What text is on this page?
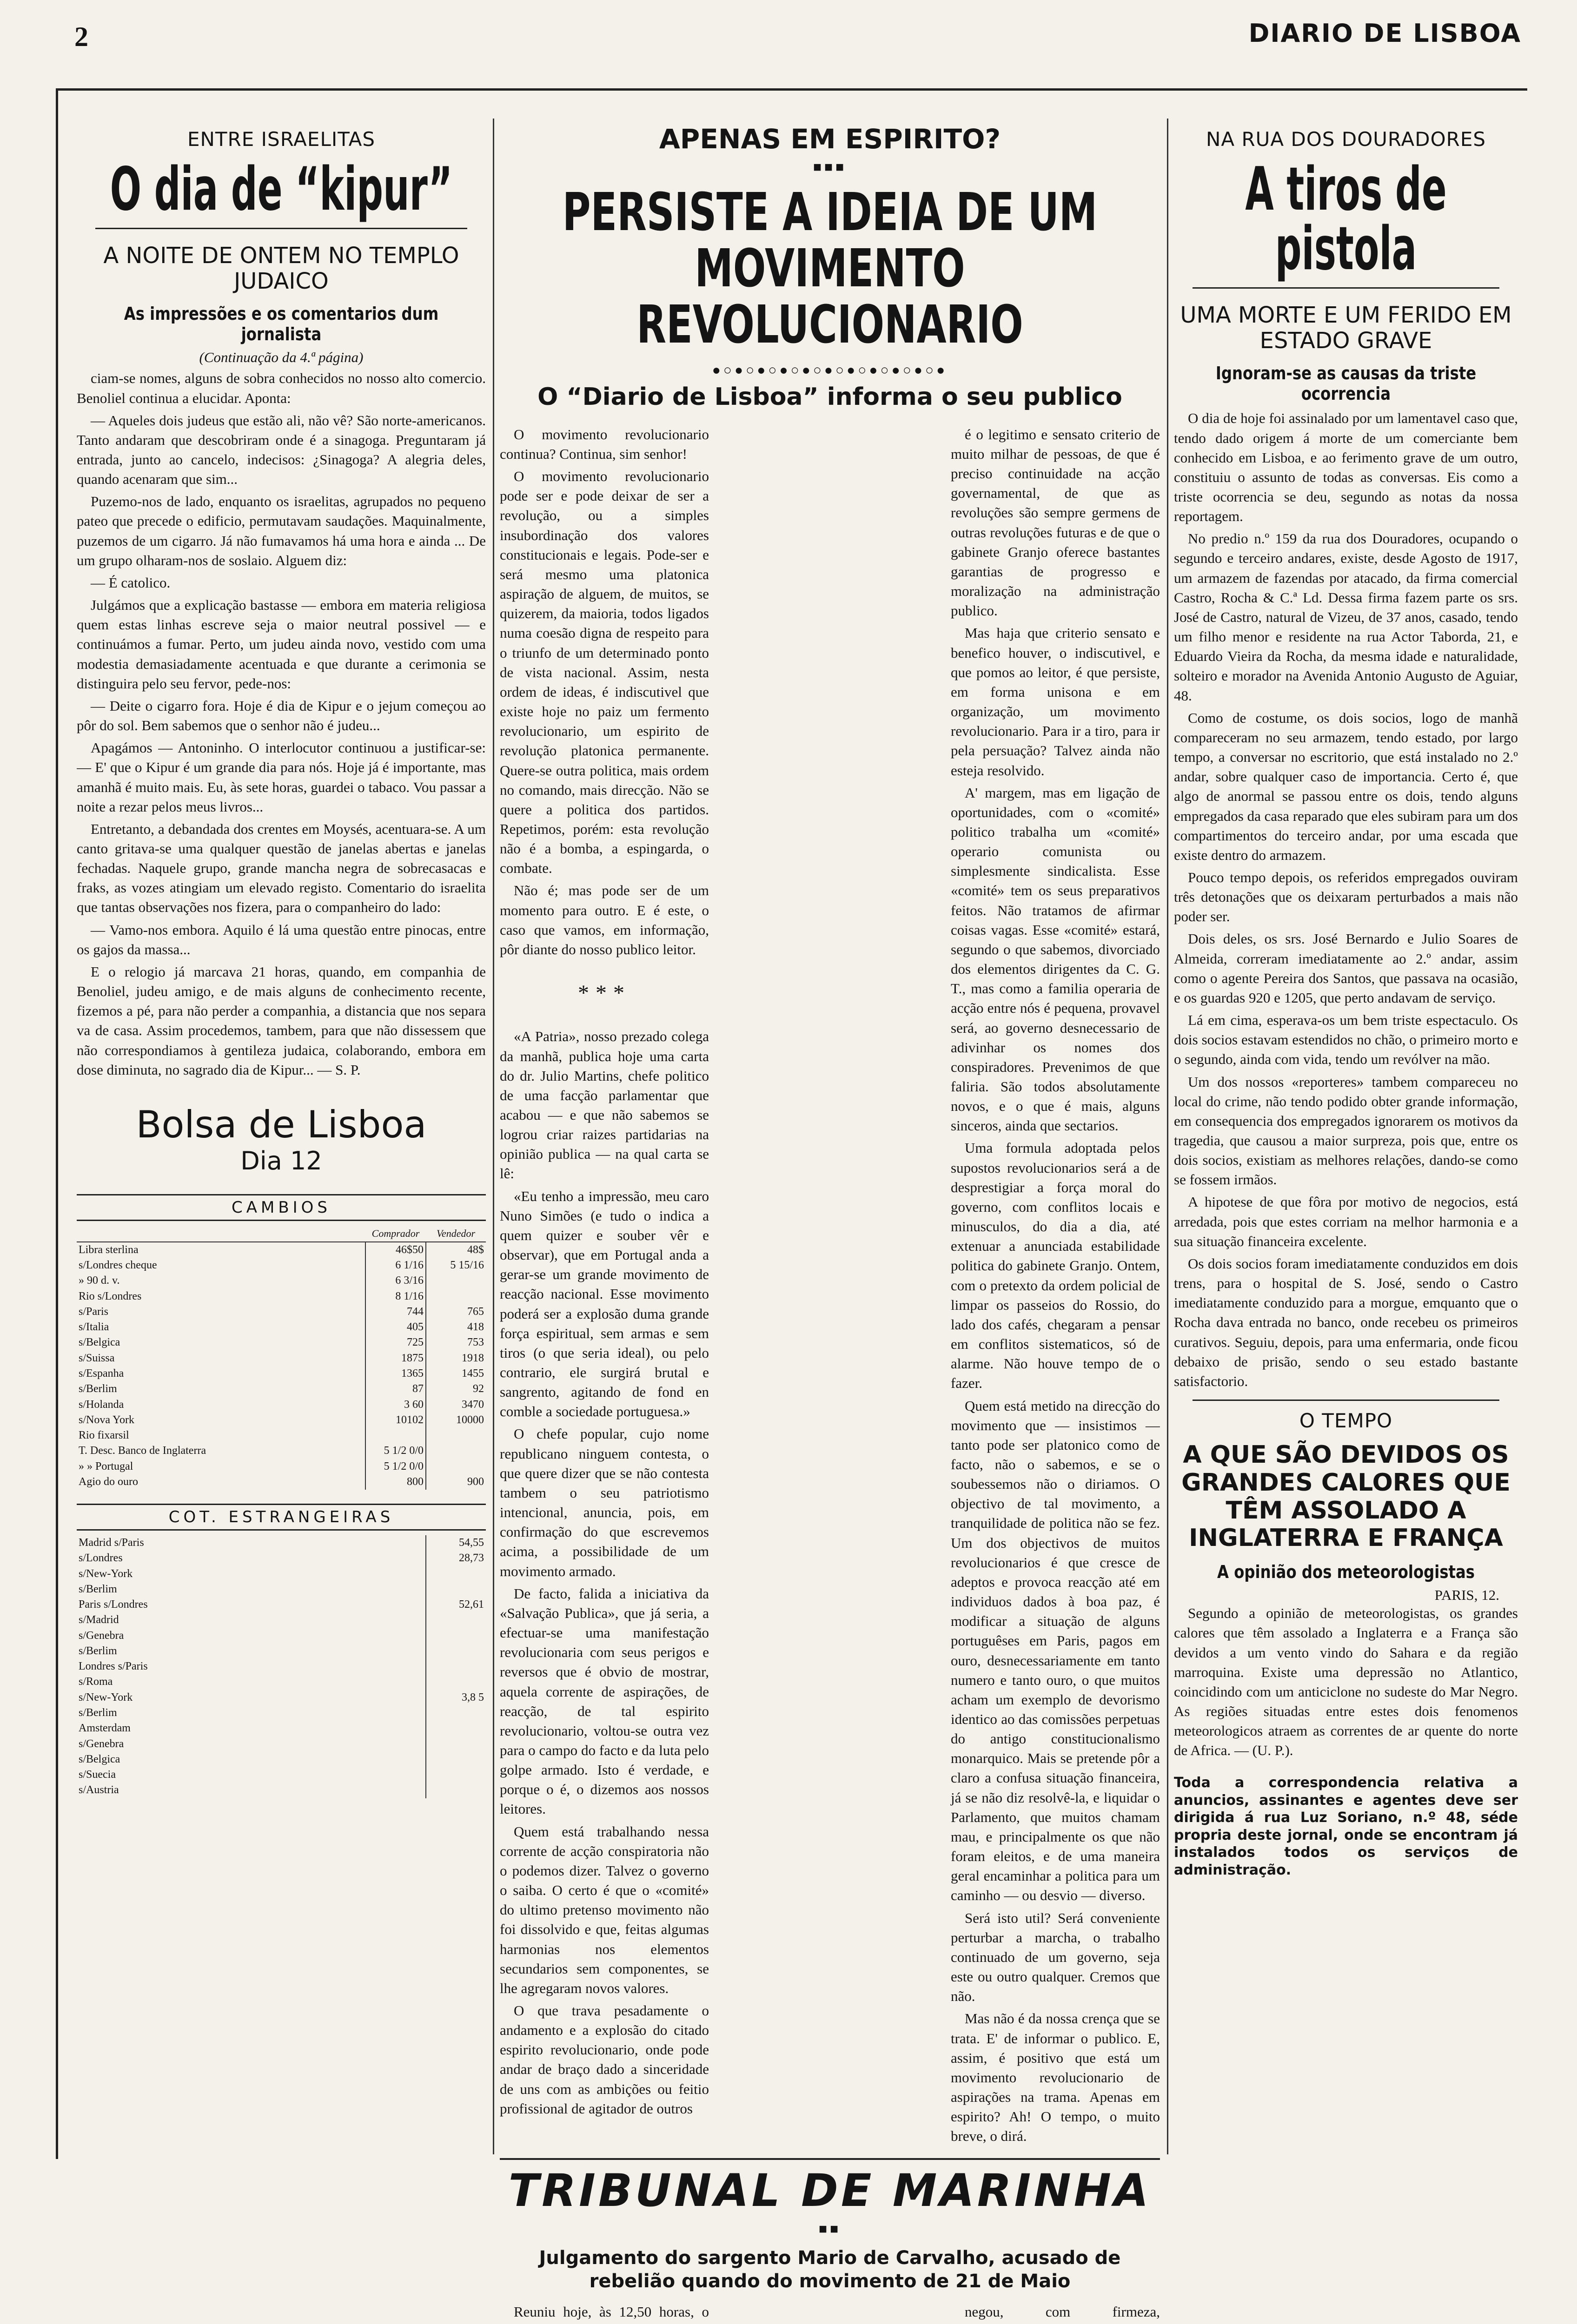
2	DIARIO DE LISBOA
ENTRE ISRAELITAS
O dia de “kipur”
A NOITE DE ONTEM NO TEMPLO JUDAICO
As impressões e os comentarios dum jornalista
(Continuação da 4.ª página)

ciam-se nomes, alguns de sobra conhecidos no nosso alto comercio. Benoliel continua a elucidar. Aponta:

— Aqueles dois judeus que estão ali, não vê? São norte-americanos. Tanto andaram que descobriram onde é a sinagoga. Preguntaram já entrada, junto ao cancelo, indecisos: ¿Sinagoga? A alegria deles, quando acenaram que sim...

Puzemo-nos de lado, enquanto os israelitas, agrupados no pequeno pateo que precede o edificio, permutavam saudações. Maquinalmente, puzemos de um cigarro. Já não fumavamos há uma hora e ainda ... De um grupo olharam-nos de soslaio. Alguem diz:

— É catolico.

Julgámos que a explicação bastasse — embora em materia religiosa quem estas linhas escreve seja o maior neutral possivel — e continuámos a fumar. Perto, um judeu ainda novo, vestido com uma modestia demasiadamente acentuada e que durante a cerimonia se distinguira pelo seu fervor, pede-nos:

— Deite o cigarro fora. Hoje é dia de Kipur e o jejum começou ao pôr do sol. Bem sabemos que o senhor não é judeu...

Apagámos — Antoninho. O interlocutor continuou a justificar-se: — E' que o Kipur é um grande dia para nós. Hoje já é importante, mas amanhã é muito mais. Eu, às sete horas, guardei o tabaco. Vou passar a noite a rezar pelos meus livros...

Entretanto, a debandada dos crentes em Moysés, acentuara-se. A um canto gritava-se uma qualquer questão de janelas abertas e janelas fechadas. Naquele grupo, grande mancha negra de sobrecasacas e fraks, as vozes atingiam um elevado registo. Comentario do israelita que tantas observações nos fizera, para o companheiro do lado:

— Vamo-nos embora. Aquilo é lá uma questão entre pinocas, entre os gajos da massa...

E o relogio já marcava 21 horas, quando, em companhia de Benoliel, judeu amigo, e de mais alguns de conhecimento recente, fizemos a pé, para não perder a companhia, a distancia que nos separa va de casa. Assim procedemos, tambem, para que não dissessem que não correspondiamos à gentileza judaica, colaborando, embora em dose diminuta, no sagrado dia de Kipur... — S. P.

Bolsa de Lisboa
Dia 12
CAMBIOS
	Comprador	Vendedor
Libra sterlina	46$50	48$
s/Londres cheque	6 1/16	5 15/16
» 90 d. v.	6 3/16	
Rio s/Londres	8 1/16	
s/Paris	744	765
s/Italia	405	418
s/Belgica	725	753
s/Suissa	1875	1918
s/Espanha	1365	1455
s/Berlim	87	92
s/Holanda	3 60	3470
s/Nova York	10102	10000
Rio fixarsil		
T. Desc. Banco de Inglaterra	5 1/2 0/0	
» » Portugal	5 1/2 0/0	
Agio do ouro	800	900
COT. ESTRANGEIRAS
Madrid s/Paris	54,55
s/Londres	28,73
s/New-York	
s/Berlim	
Paris s/Londres	52,61
s/Madrid	
s/Genebra	
s/Berlim	
Londres s/Paris	
s/Roma	
s/New-York	3,8 5
s/Berlim	
Amsterdam	
s/Genebra	
s/Belgica	
s/Suecia	
s/Austria	
APENAS EM ESPIRITO?
■■■
PERSISTE A IDEIA DE UM MOVIMENTO REVOLUCIONARIO
●○●○●○●○●○●○●○●○●○●○●
O “Diario de Lisboa” informa o seu publico

O movimento revolucionario continua? Continua, sim senhor!

O movimento revolucionario pode ser e pode deixar de ser a revolução, ou a simples insubordinação dos valores constitucionais e legais. Pode-ser e será mesmo uma platonica aspiração de alguem, de muitos, se quizerem, da maioria, todos ligados numa coesão digna de respeito para o triunfo de um determinado ponto de vista nacional. Assim, nesta ordem de ideas, é indiscutivel que existe hoje no paiz um fermento revolucionario, um espirito de revolução platonica permanente. Quere-se outra politica, mais ordem no comando, mais direcção. Não se quere a politica dos partidos. Repetimos, porém: esta revolução não é a bomba, a espingarda, o combate.

Não é; mas pode ser de um momento para outro. E é este, o caso que vamos, em informação, pôr diante do nosso publico leitor.

***

«A Patria», nosso prezado colega da manhã, publica hoje uma carta do dr. Julio Martins, chefe politico de uma facção parlamentar que acabou — e que não sabemos se logrou criar raizes partidarias na opinião publica — na qual carta se lê:

«Eu tenho a impressão, meu caro Nuno Simões (e tudo o indica a quem quizer e souber vêr e observar), que em Portugal anda a gerar-se um grande movimento de reacção nacional. Esse movimento poderá ser a explosão duma grande força espiritual, sem armas e sem tiros (o que seria ideal), ou pelo contrario, ele surgirá brutal e sangrento, agitando de fond en comble a sociedade portuguesa.»

O chefe popular, cujo nome republicano ninguem contesta, o que quere dizer que se não contesta tambem o seu patriotismo intencional, anuncia, pois, em confirmação do que escrevemos acima, a possibilidade de um movimento armado.

De facto, falida a iniciativa da «Salvação Publica», que já seria, a efectuar-se uma manifestação revolucionaria com seus perigos e reversos que é obvio de mostrar, aquela corrente de aspirações, de reacção, de tal espirito revolucionario, voltou-se outra vez para o campo do facto e da luta pelo golpe armado. Isto é verdade, e porque o é, o dizemos aos nossos leitores.

Quem está trabalhando nessa corrente de acção conspiratoria não o podemos dizer. Talvez o governo o saiba. O certo é que o «comité» do ultimo pretenso movimento não foi dissolvido e que, feitas algumas harmonias nos elementos secundarios sem componentes, se lhe agregaram novos valores.

O que trava pesadamente o andamento e a explosão do citado espirito revolucionario, onde pode andar de braço dado a sinceridade de uns com as ambições ou feitio profissional de agitador de outros

é o legitimo e sensato criterio de muito milhar de pessoas, de que é preciso continuidade na acção governamental, de que as revoluções são sempre germens de outras revoluções futuras e de que o gabinete Granjo oferece bastantes garantias de progresso e moralização na administração publico.

Mas haja que criterio sensato e benefico houver, o indiscutivel, e que pomos ao leitor, é que persiste, em forma unisona e em organização, um movimento revolucionario. Para ir a tiro, para ir pela persuação? Talvez ainda não esteja resolvido.

A' margem, mas em ligação de oportunidades, com o «comité» politico trabalha um «comité» operario comunista ou simplesmente sindicalista. Esse «comité» tem os seus preparativos feitos. Não tratamos de afirmar coisas vagas. Esse «comité» estará, segundo o que sabemos, divorciado dos elementos dirigentes da C. G. T., mas como a familia operaria de acção entre nós é pequena, provavel será, ao governo desnecessario de adivinhar os nomes dos conspiradores. Prevenimos de que faliria. São todos absolutamente novos, e o que é mais, alguns sinceros, ainda que sectarios.

Uma formula adoptada pelos supostos revolucionarios será a de desprestigiar a força moral do governo, com conflitos locais e minusculos, do dia a dia, até extenuar a anunciada estabilidade politica do gabinete Granjo. Ontem, com o pretexto da ordem policial de limpar os passeios do Rossio, do lado dos cafés, chegaram a pensar em conflitos sistematicos, só de alarme. Não houve tempo de o fazer.

Quem está metido na direcção do movimento que — insistimos — tanto pode ser platonico como de facto, não o sabemos, e se o soubessemos não o diriamos. O objectivo de tal movimento, a tranquilidade de politica não se fez. Um dos objectivos de muitos revolucionarios é que cresce de adeptos e provoca reacção até em individuos dados à boa paz, é modificar a situação de alguns portuguêses em Paris, pagos em ouro, desnecessariamente em tanto numero e tanto ouro, o que muitos acham um exemplo de devorismo identico ao das comissões perpetuas do antigo constitucionalismo monarquico. Mais se pretende pôr a claro a confusa situação financeira, já se não diz resolvê-la, e liquidar o Parlamento, que muitos chamam mau, e principalmente os que não foram eleitos, e de uma maneira geral encaminhar a politica para um caminho — ou desvio — diverso.

Será isto util? Será conveniente perturbar a marcha, o trabalho continuado de um governo, seja este ou outro qualquer. Cremos que não.

Mas não é da nossa crença que se trata. E' de informar o publico. E, assim, é positivo que está um movimento revolucionario de aspirações na trama. Apenas em espirito? Ah! O tempo, o muito breve, o dirá.

TRIBUNAL DE MARINHA
■■
Julgamento do sargento Mario de Carvalho, acusado de rebelião quando do movimento de 21 de Maio

Reuniu hoje, às 12,50 horas, o	negou, com firmeza,

NA RUA DOS DOURADORES
A tiros de pistola
UMA MORTE E UM FERIDO EM ESTADO GRAVE
Ignoram-se as causas da triste ocorrencia

O dia de hoje foi assinalado por um lamentavel caso que, tendo dado origem á morte de um comerciante bem conhecido em Lisboa, e ao ferimento grave de um outro, constituiu o assunto de todas as conversas. Eis como a triste ocorrencia se deu, segundo as notas da nossa reportagem.

No predio n.º 159 da rua dos Douradores, ocupando o segundo e terceiro andares, existe, desde Agosto de 1917, um armazem de fazendas por atacado, da firma comercial Castro, Rocha & C.ª Ld. Dessa firma fazem parte os srs. José de Castro, natural de Vizeu, de 37 anos, casado, tendo um filho menor e residente na rua Actor Taborda, 21, e Eduardo Vieira da Rocha, da mesma idade e naturalidade, solteiro e morador na Avenida Antonio Augusto de Aguiar, 48.

Como de costume, os dois socios, logo de manhã compareceram no seu armazem, tendo estado, por largo tempo, a conversar no escritorio, que está instalado no 2.º andar, sobre qualquer caso de importancia. Certo é, que algo de anormal se passou entre os dois, tendo alguns empregados da casa reparado que eles subiram para um dos compartimentos do terceiro andar, por uma escada que existe dentro do armazem.

Pouco tempo depois, os referidos empregados ouviram três detonações que os deixaram perturbados a mais não poder ser.

Dois deles, os srs. José Bernardo e Julio Soares de Almeida, correram imediatamente ao 2.º andar, assim como o agente Pereira dos Santos, que passava na ocasião, e os guardas 920 e 1205, que perto andavam de serviço.

Lá em cima, esperava-os um bem triste espectaculo. Os dois socios estavam estendidos no chão, o primeiro morto e o segundo, ainda com vida, tendo um revólver na mão.

Um dos nossos «reporteres» tambem compareceu no local do crime, não tendo podido obter grande informação, em consequencia dos empregados ignorarem os motivos da tragedia, que causou a maior surpreza, pois que, entre os dois socios, existiam as melhores relações, dando-se como se fossem irmãos.

A hipotese de que fôra por motivo de negocios, está arredada, pois que estes corriam na melhor harmonia e a sua situação financeira excelente.

Os dois socios foram imediatamente conduzidos em dois trens, para o hospital de S. José, sendo o Castro imediatamente conduzido para a morgue, emquanto que o Rocha dava entrada no banco, onde recebeu os primeiros curativos. Seguiu, depois, para uma enfermaria, onde ficou debaixo de prisão, sendo o seu estado bastante satisfactorio.

O TEMPO
A QUE SÃO DEVIDOS OS GRANDES CALORES QUE TÊM ASSOLADO A INGLATERRA E FRANÇA
A opinião dos meteorologistas
PARIS, 12.

Segundo a opinião de meteorologistas, os grandes calores que têm assolado a Inglaterra e a França são devidos a um vento vindo do Sahara e da região marroquina. Existe uma depressão no Atlantico, coincidindo com um anticiclone no sudeste do Mar Negro. As regiões situadas entre estes dois fenomenos meteorologicos atraem as correntes de ar quente do norte de Africa. — (U. P.).

Toda a correspondencia relativa a anuncios, assinantes e agentes deve ser dirigida á rua Luz Soriano, n.º 48, séde propria deste jornal, onde se encontram já instalados todos os serviços de administração.
